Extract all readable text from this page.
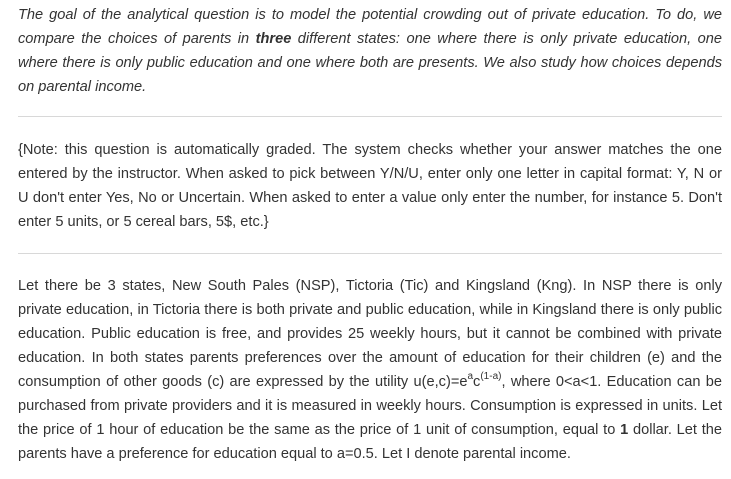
The goal of the analytical question is to model the potential crowding out of private education. To do, we compare the choices of parents in three different states: one where there is only private education, one where there is only public education and one where both are presents. We also study how choices depends on parental income.

{Note: this question is automatically graded. The system checks whether your answer matches the one entered by the instructor. When asked to pick between Y/N/U, enter only one letter in capital format: Y, N or U don't enter Yes, No or Uncertain. When asked to enter a value only enter the number, for instance 5. Don't enter 5 units, or 5 cereal bars, 5$, etc.}

Let there be 3 states, New South Pales (NSP), Tictoria (Tic) and Kingsland (Kng). In NSP there is only private education, in Tictoria there is both private and public education, while in Kingsland there is only public education. Public education is free, and provides 25 weekly hours, but it cannot be combined with private education. In both states parents preferences over the amount of education for their children (e) and the consumption of other goods (c) are expressed by the utility $u(e,c)=e^ac^{(1-a)}$, where 0<a<1. Education can be purchased from private providers and it is measured in weekly hours. Consumption is expressed in units. Let the price of 1 hour of education be the same as the price of 1 unit of consumption, equal to 1 dollar. Let the parents have a preference for education equal to a=0.5. Let I denote parental income.
